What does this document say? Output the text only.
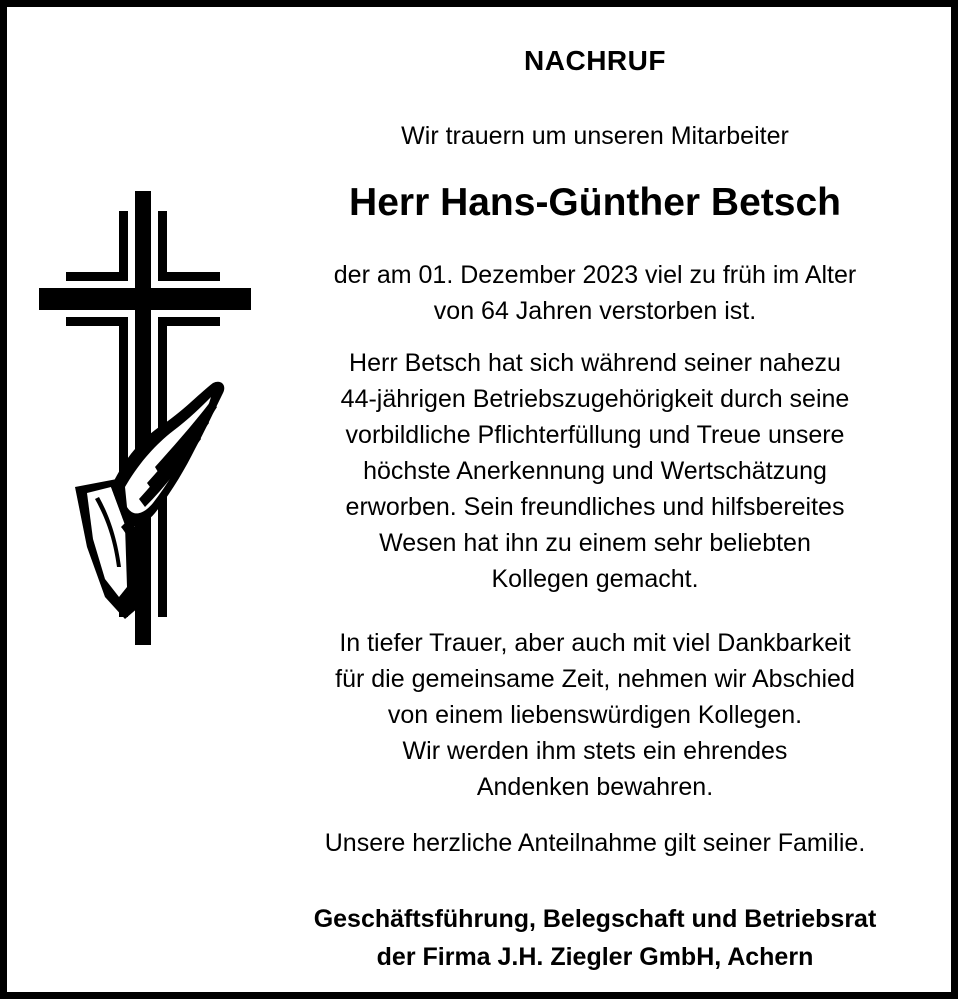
NACHRUF
Wir trauern um unseren Mitarbeiter
Herr Hans-Günther Betsch
der am 01. Dezember 2023 viel zu früh im Alter
von 64 Jahren verstorben ist.
Herr Betsch hat sich während seiner nahezu
44-jährigen Betriebszugehörigkeit durch seine
vorbildliche Pflichterfüllung und Treue unsere
höchste Anerkennung und Wertschätzung
erworben. Sein freundliches und hilfsbereites
Wesen hat ihn zu einem sehr beliebten
Kollegen gemacht.
In tiefer Trauer, aber auch mit viel Dankbarkeit
für die gemeinsame Zeit, nehmen wir Abschied
von einem liebenswürdigen Kollegen.
Wir werden ihm stets ein ehrendes
Andenken bewahren.
Unsere herzliche Anteilnahme gilt seiner Familie.
Geschäftsführung, Belegschaft und Betriebsrat
der Firma J.H. Ziegler GmbH, Achern
